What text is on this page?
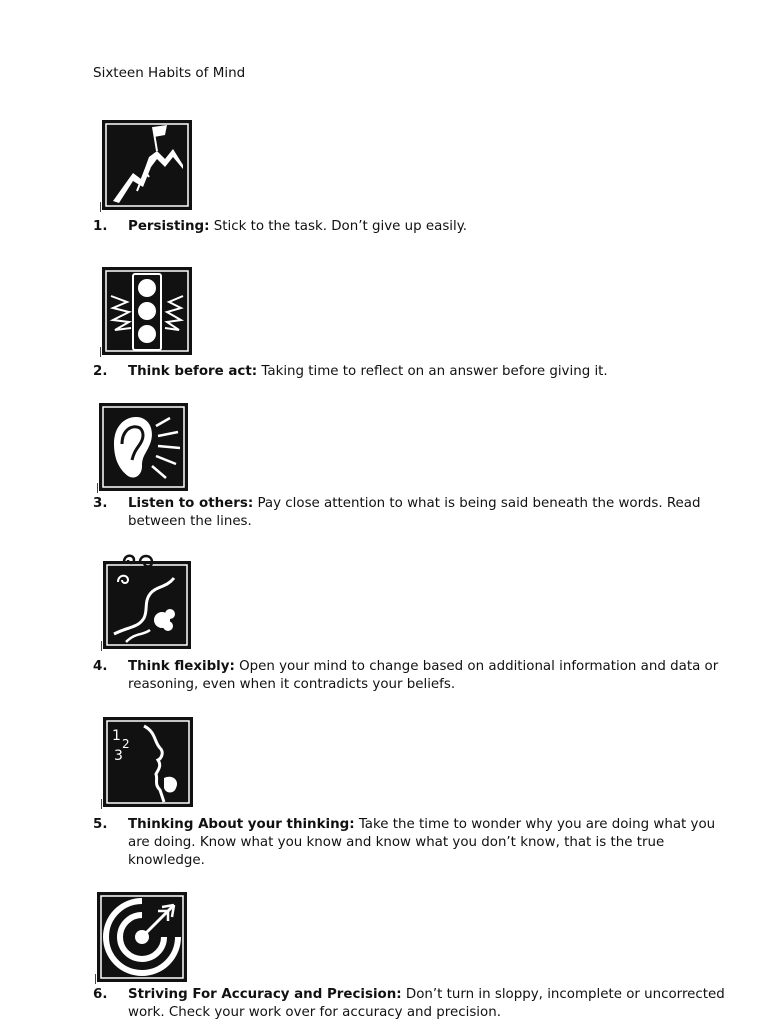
Sixteen Habits of Mind
1 2
3
1. Persisting: Stick to the task. Don’t give up easily.
2. Think before act: Taking time to reflect on an answer before giving it.
3. Listen to others: Pay close attention to what is being said beneath the words. Read between the lines.
4. Think flexibly: Open your mind to change based on additional information and data or reasoning, even when it contradicts your beliefs.
5. Thinking About your thinking: Take the time to wonder why you are doing what you are doing. Know what you know and know what you don’t know, that is the true knowledge.
6. Striving For Accuracy and Precision: Don’t turn in sloppy, incomplete or uncorrected work. Check your work over for accuracy and precision.
